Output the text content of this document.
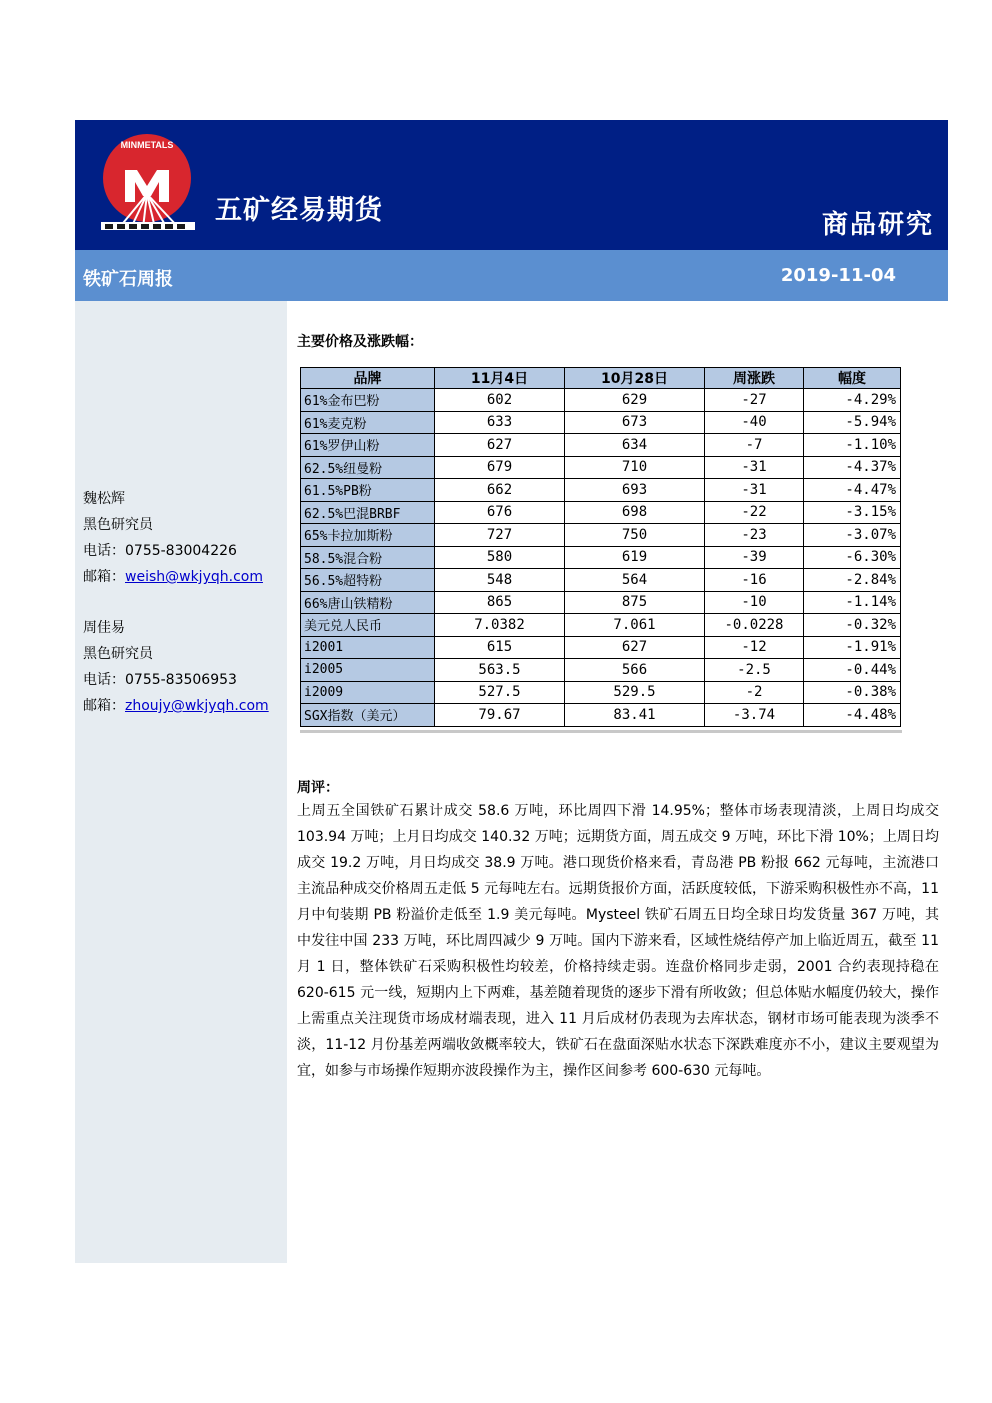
MINMETALS
五矿经易期货	商品研究
铁矿石周报	2019-11-04
魏松辉
黑色研究员
电话：0755-83004226
邮箱：weish@wkjyqh.com
周佳易
黑色研究员
电话：0755-83506953
邮箱：zhoujy@wkjyqh.com
主要价格及涨跌幅：
品牌	11月4日	10月28日	周涨跌	幅度
61%金布巴粉	602	629	-27	-4.29%
61%麦克粉	633	673	-40	-5.94%
61%罗伊山粉	627	634	-7	-1.10%
62.5%纽曼粉	679	710	-31	-4.37%
61.5%PB粉	662	693	-31	-4.47%
62.5%巴混BRBF	676	698	-22	-3.15%
65%卡拉加斯粉	727	750	-23	-3.07%
58.5%混合粉	580	619	-39	-6.30%
56.5%超特粉	548	564	-16	-2.84%
66%唐山铁精粉	865	875	-10	-1.14%
美元兑人民币	7.0382	7.061	-0.0228	-0.32%
i2001	615	627	-12	-1.91%
i2005	563.5	566	-2.5	-0.44%
i2009	527.5	529.5	-2	-0.38%
SGX指数（美元）	79.67	83.41	-3.74	-4.48%
周评：
上周五全国铁矿石累计成交 58.6 万吨，环比周四下滑 14.95%；整体市场表现清淡，上周日均成交 103.94 万吨；上月日均成交 140.32 万吨；远期货方面，周五成交 9 万吨，环比下滑 10%；上周日均成交 19.2 万吨，月日均成交 38.9 万吨。港口现货价格来看，青岛港 PB 粉报 662 元每吨，主流港口主流品种成交价格周五走低 5 元每吨左右。远期货报价方面，活跃度较低，下游采购积极性亦不高，11 月中旬装期 PB 粉溢价走低至 1.9 美元每吨。Mysteel 铁矿石周五日均全球日均发货量 367 万吨，其中发往中国 233 万吨，环比周四减少 9 万吨。国内下游来看，区域性烧结停产加上临近周五，截至 11 月 1 日，整体铁矿石采购积极性均较差，价格持续走弱。连盘价格同步走弱，2001 合约表现持稳在 620-615 元一线，短期内上下两难，基差随着现货的逐步下滑有所收敛；但总体贴水幅度仍较大，操作上需重点关注现货市场成材端表现，进入 11 月后成材仍表现为去库状态，钢材市场可能表现为淡季不淡，11-12 月份基差两端收敛概率较大，铁矿石在盘面深贴水状态下深跌难度亦不小，建议主要观望为宜，如参与市场操作短期亦波段操作为主，操作区间参考 600-630 元每吨。
